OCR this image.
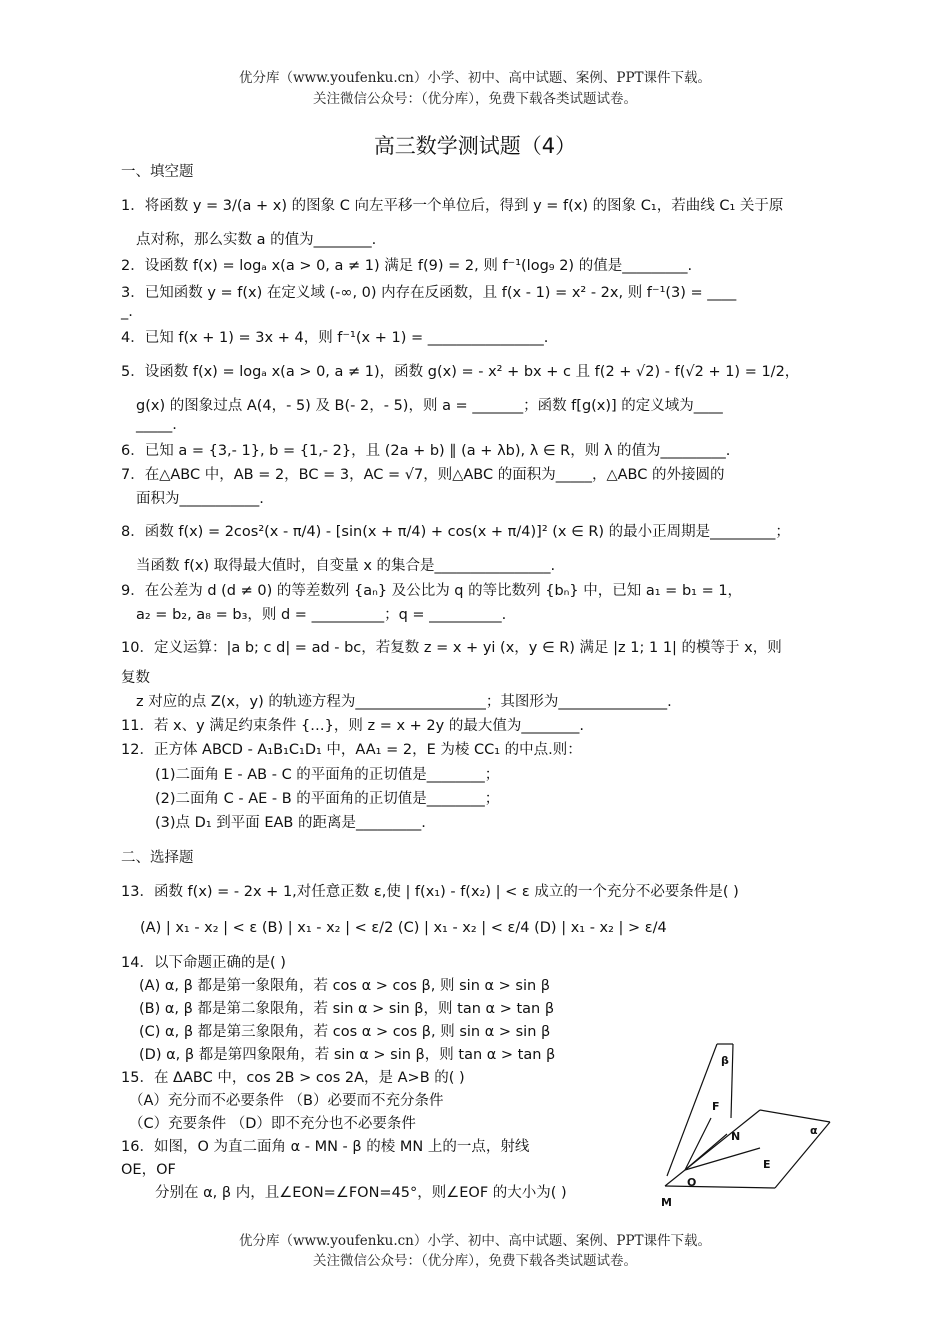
优分库（www.youfenku.cn）小学、初中、高中试题、案例、PPT课件下载。
关注微信公众号：（优分库），免费下载各类试题试卷。
高三数学测试题（4）
一、填空题
1．将函数 y = 3/(a + x) 的图象 C 向左平移一个单位后，得到 y = f(x) 的图象 C₁，若曲线 C₁ 关于原
点对称，那么实数 a 的值为________.
2．设函数 f(x) = logₐ x(a > 0, a ≠ 1) 满足 f(9) = 2, 则 f⁻¹(log₉ 2) 的值是_________.
3．已知函数 y = f(x) 在定义域 (-∞, 0) 内存在反函数，且 f(x - 1) = x² - 2x, 则 f⁻¹(3) = ____
_.
4．已知 f(x + 1) = 3x + 4，则 f⁻¹(x + 1) = ________________.
5．设函数 f(x) = logₐ x(a > 0, a ≠ 1)，函数 g(x) = - x² + bx + c 且 f(2 + √2) - f(√2 + 1) = 1/2，
g(x) 的图象过点 A(4，- 5) 及 B(- 2，- 5)，则 a = _______；函数 f[g(x)] 的定义域为____
_____.
6．已知 a = {3,- 1}, b = {1,- 2}，且 (2a + b) ∥ (a + λb), λ ∈ R，则 λ 的值为_________.
7．在△ABC 中，AB = 2，BC = 3，AC = √7，则△ABC 的面积为_____，△ABC 的外接圆的
面积为___________.
8．函数 f(x) = 2cos²(x - π/4) - [sin(x + π/4) + cos(x + π/4)]² (x ∈ R) 的最小正周期是_________；
当函数 f(x) 取得最大值时，自变量 x 的集合是________________.
9．在公差为 d (d ≠ 0) 的等差数列 {aₙ} 及公比为 q 的等比数列 {bₙ} 中，已知 a₁ = b₁ = 1，
a₂ = b₂, a₈ = b₃，则 d = __________；q = __________.
10．定义运算：|a b; c d| = ad - bc，若复数 z = x + yi (x，y ∈ R) 满足 |z 1; 1 1| 的模等于 x，则
复数
z 对应的点 Z(x，y) 的轨迹方程为__________________；其图形为_______________.
11．若 x、y 满足约束条件 {…}，则 z = x + 2y 的最大值为________.
12．正方体 ABCD - A₁B₁C₁D₁ 中，AA₁ = 2，E 为棱 CC₁ 的中点.则：
(1)二面角 E - AB - C 的平面角的正切值是________；
(2)二面角 C - AE - B 的平面角的正切值是________；
(3)点 D₁ 到平面 EAB 的距离是_________.
二、选择题
13．函数 f(x) = - 2x + 1,对任意正数 ε,使 | f(x₁) - f(x₂) | < ε 成立的一个充分不必要条件是( )
(A) | x₁ - x₂ | < ε (B) | x₁ - x₂ | < ε/2 (C) | x₁ - x₂ | < ε/4 (D) | x₁ - x₂ | > ε/4
14．以下命题正确的是( )
(A) α, β 都是第一象限角，若 cos α > cos β, 则 sin α > sin β
(B) α, β 都是第二象限角，若 sin α > sin β，则 tan α > tan β
(C) α, β 都是第三象限角，若 cos α > cos β, 则 sin α > sin β
(D) α, β 都是第四象限角，若 sin α > sin β，则 tan α > tan β
15．在 ΔABC 中，cos 2B > cos 2A，是 A>B 的( )
（A）充分而不必要条件 （B）必要而不充分条件
（C）充要条件 （D）即不充分也不必要条件
16．如图，O 为直二面角 α - MN - β 的棱 MN 上的一点，射线
OE，OF
分别在 α, β 内，且∠EON=∠FON=45°，则∠EOF 的大小为( )
β
α
F
N
E
O
M
优分库（www.youfenku.cn）小学、初中、高中试题、案例、PPT课件下载。
关注微信公众号：（优分库），免费下载各类试题试卷。
